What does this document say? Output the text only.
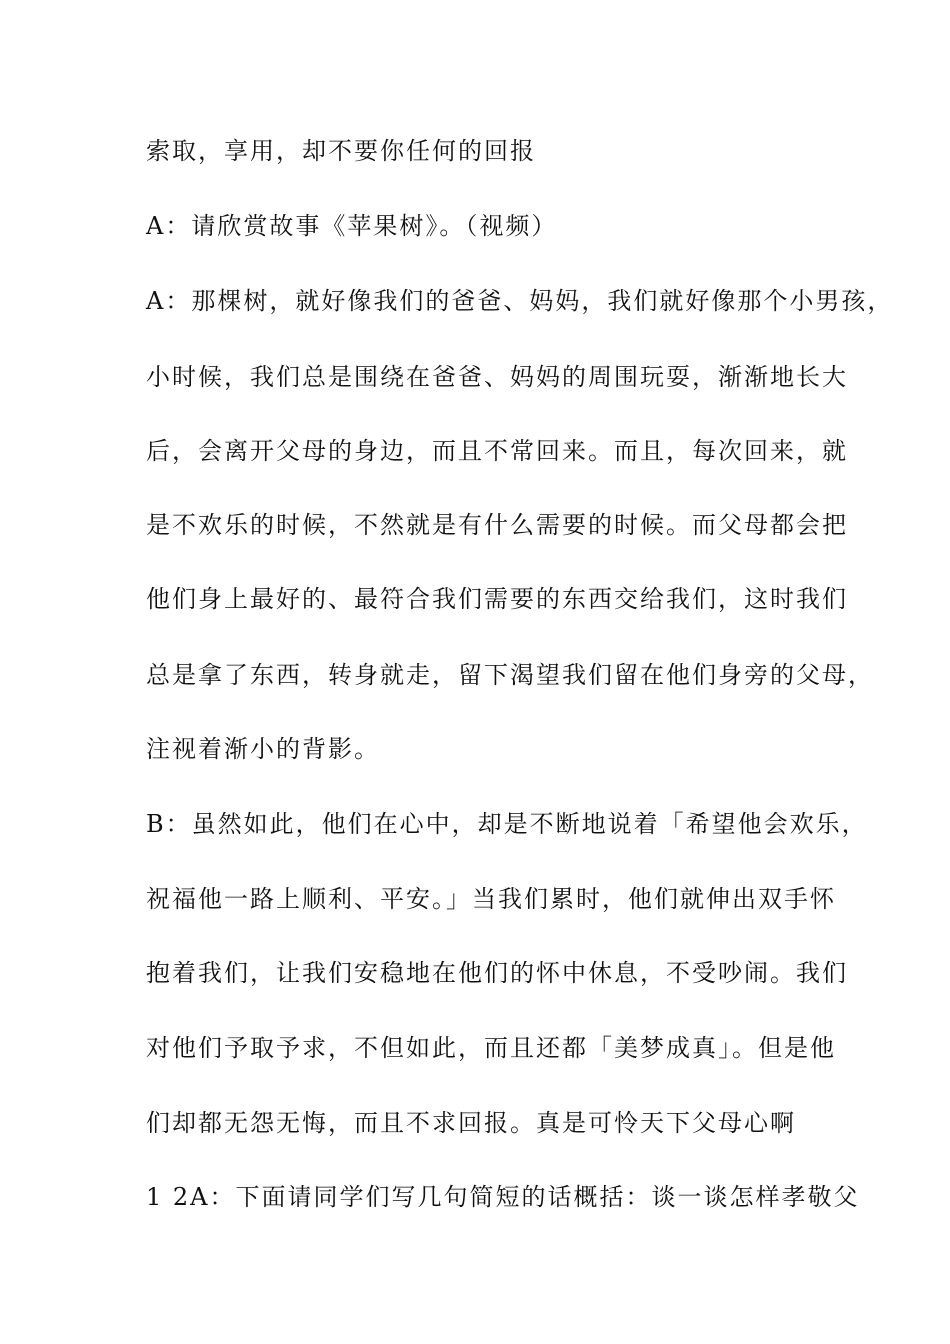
索取，享用，却不要你任何的回报
A：请欣赏故事《苹果树》。（视频）
A：那棵树，就好像我们的爸爸、妈妈，我们就好像那个小男孩，
小时候，我们总是围绕在爸爸、妈妈的周围玩耍，渐渐地长大
后，会离开父母的身边，而且不常回来。而且，每次回来，就
是不欢乐的时候，不然就是有什么需要的时候。而父母都会把
他们身上最好的、最符合我们需要的东西交给我们，这时我们
总是拿了东西，转身就走，留下渴望我们留在他们身旁的父母，
注视着渐小的背影。
B：虽然如此，他们在心中，却是不断地说着「希望他会欢乐，
祝福他一路上顺利、平安。」当我们累时，他们就伸出双手怀
抱着我们，让我们安稳地在他们的怀中休息，不受吵闹。我们
对他们予取予求，不但如此，而且还都「美梦成真」。但是他
们却都无怨无悔，而且不求回报。真是可怜天下父母心啊
1 2A：下面请同学们写几句简短的话概括：谈一谈怎样孝敬父
